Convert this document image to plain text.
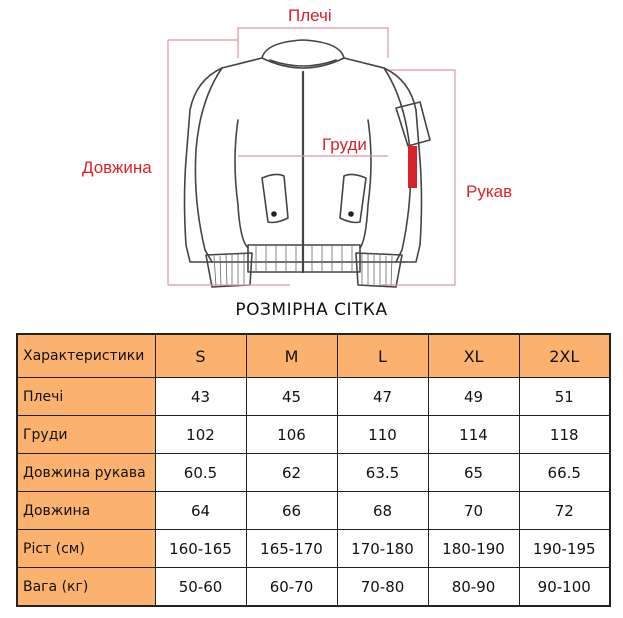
Плечі
Груди
Довжина
Рукав
РОЗМІРНА СІТКА
Характеристики	S	M	L	XL	2XL
Плечі	43	45	47	49	51
Груди	102	106	110	114	118
Довжина рукава	60.5	62	63.5	65	66.5
Довжина	64	66	68	70	72
Ріст (см)	160-165	165-170	170-180	180-190	190-195
Вага (кг)	50-60	60-70	70-80	80-90	90-100
